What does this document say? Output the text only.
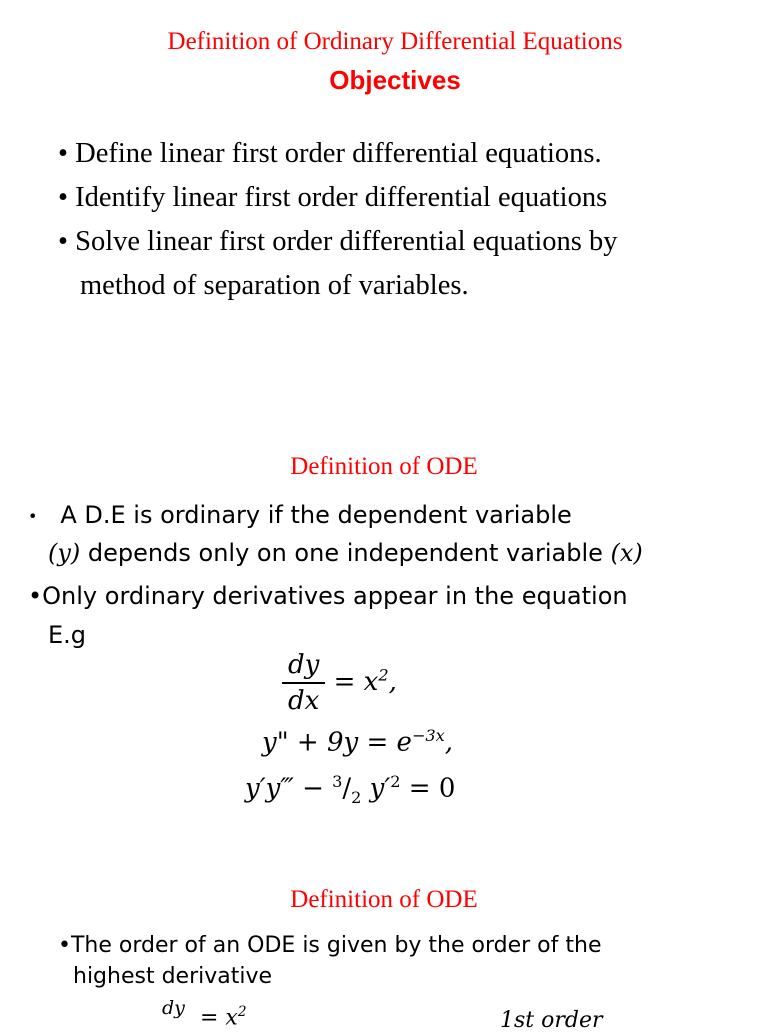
Definition of Ordinary Differential Equations
Objectives
• Define linear first order differential equations.
• Identify linear first order differential equations
• Solve linear first order differential equations by
method of separation of variables.
Definition of ODE
• A D.E is ordinary if the dependent variable
(y) depends only on one independent variable (x)
•Only ordinary derivatives appear in the equation
E.g
$\frac{dy}{dx} = x^2$,
y" + $9y = e^{-3x}$,
y′y‴ − $^3/_2$ $y'^2 = 0$
Definition of ODE
•The order of an ODE is given by the order of the
highest derivative
dy = $x^2$	1st order
